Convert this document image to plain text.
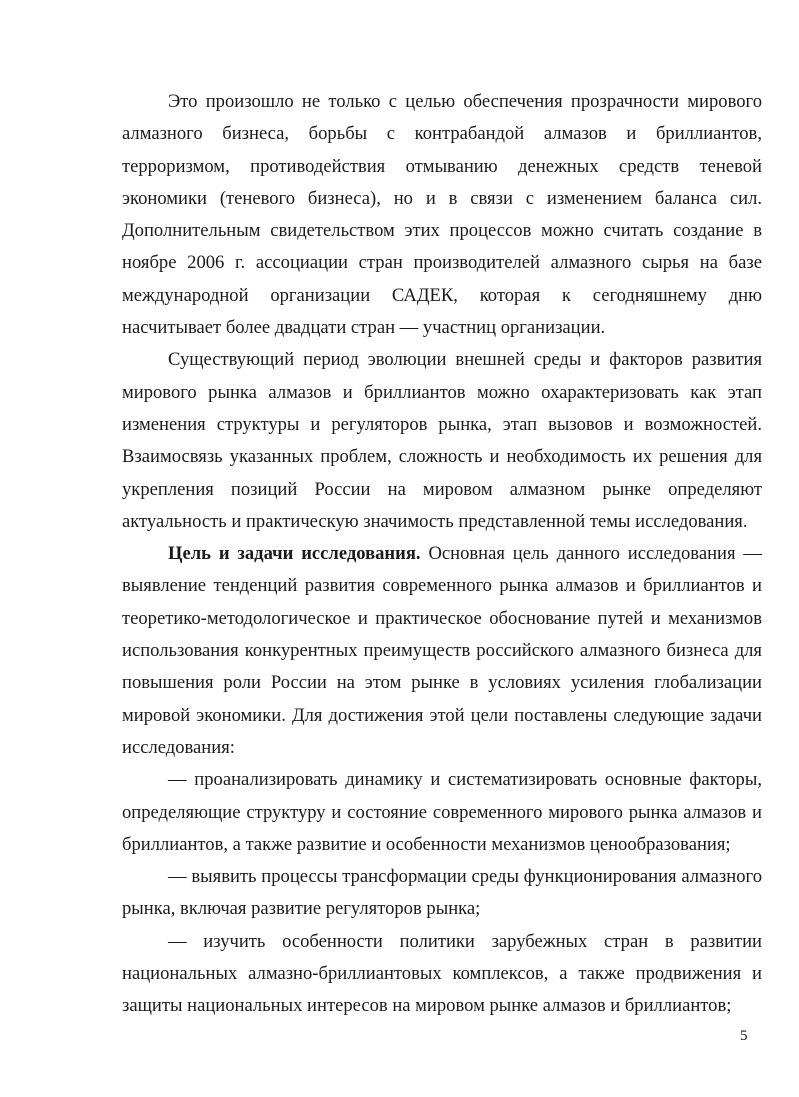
Это произошло не только с целью обеспечения прозрачности мирового алмазного бизнеса, борьбы с контрабандой алмазов и бриллиантов, терроризмом, противодействия отмыванию денежных средств теневой экономики (теневого бизнеса), но и в связи с изменением баланса сил. Дополнительным свидетельством этих процессов можно считать создание в ноябре 2006 г. ассоциации стран производителей алмазного сырья на базе международной организации САДЕК, которая к сегодняшнему дню насчитывает более двадцати стран — участниц организации.

Существующий период эволюции внешней среды и факторов развития мирового рынка алмазов и бриллиантов можно охарактеризовать как этап изменения структуры и регуляторов рынка, этап вызовов и возможностей. Взаимосвязь указанных проблем, сложность и необходимость их решения для укрепления позиций России на мировом алмазном рынке определяют актуальность и практическую значимость представленной темы исследования.

Цель и задачи исследования. Основная цель данного исследования — выявление тенденций развития современного рынка алмазов и бриллиантов и теоретико-методологическое и практическое обоснование путей и механизмов использования конкурентных преимуществ российского алмазного бизнеса для повышения роли России на этом рынке в условиях усиления глобализации мировой экономики. Для достижения этой цели поставлены следующие задачи исследования:

— проанализировать динамику и систематизировать основные факторы, определяющие структуру и состояние современного мирового рынка алмазов и бриллиантов, а также развитие и особенности механизмов ценообразования;

— выявить процессы трансформации среды функционирования алмазного рынка, включая развитие регуляторов рынка;

— изучить особенности политики зарубежных стран в развитии национальных алмазно-бриллиантовых комплексов, а также продвижения и защиты национальных интересов на мировом рынке алмазов и бриллиантов;

5
